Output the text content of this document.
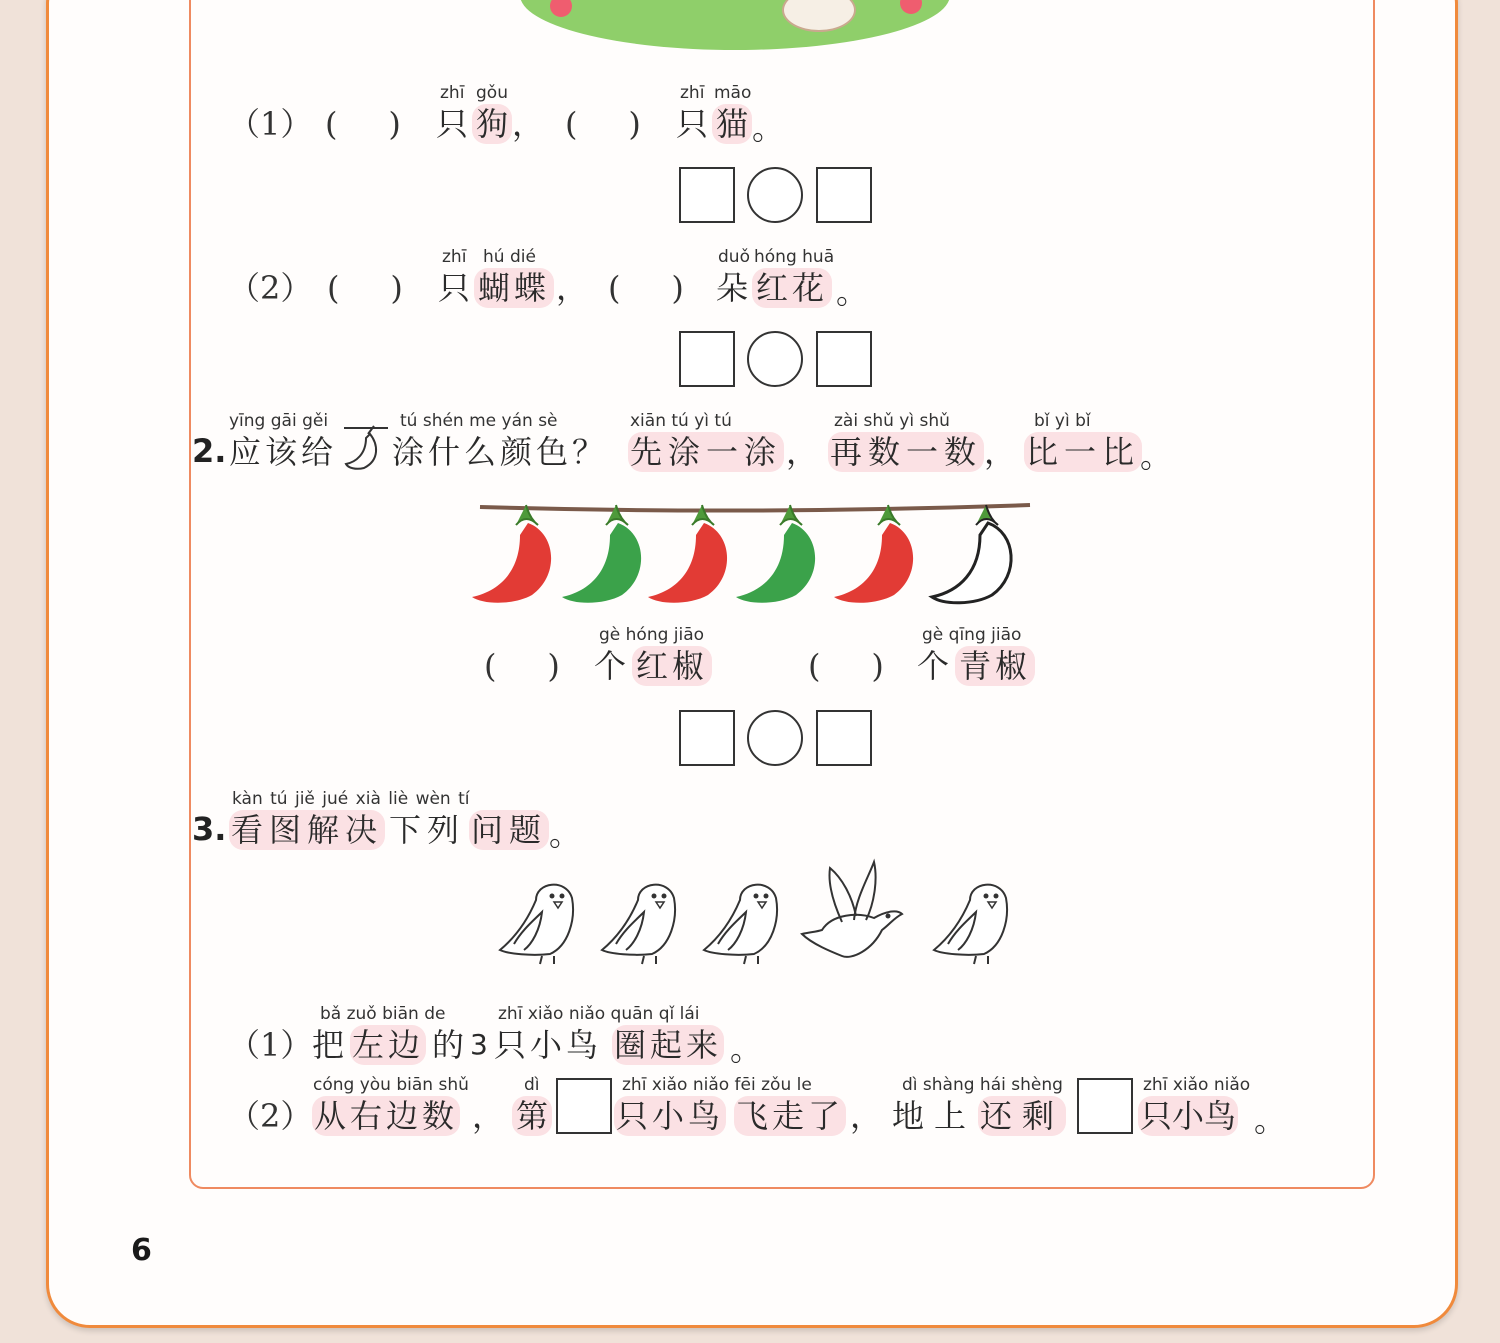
（1） (     )
zhī gǒu
只 狗 ， (     )
zhī māo
只 猫 。
（2） (     )
zhī hú dié
只 蝴蝶 ， (     )
duǒ hóng huā
朵 红花 。
2.
yīng gāi gěi
应该给
tú shén me yán sè
涂什么颜色？
xiān tú yì tú
先涂一涂 ，
zài shǔ yì shǔ
再数一数 ，
bǐ yì bǐ
比一比 。
(     )
gè hóng jiāo
个 红椒	(     )
gè qīng jiāo
个 青椒
3.
kàn tú jiě jué xià liè wèn tí
看图解决 下列 问题 。
（1）
bǎ zuǒ biān de
把 左边 的 3
zhī xiǎo niǎo quān qǐ lái
只小鸟 圈起来 。
（2）
cóng yòu biān shǔ
从右边数 ，
dì
第
zhī xiǎo niǎo fēi zǒu le
只小鸟 飞走了 ，
dì shàng hái shèng
地上 还剩
zhī xiǎo niǎo
只小鸟 。
6
